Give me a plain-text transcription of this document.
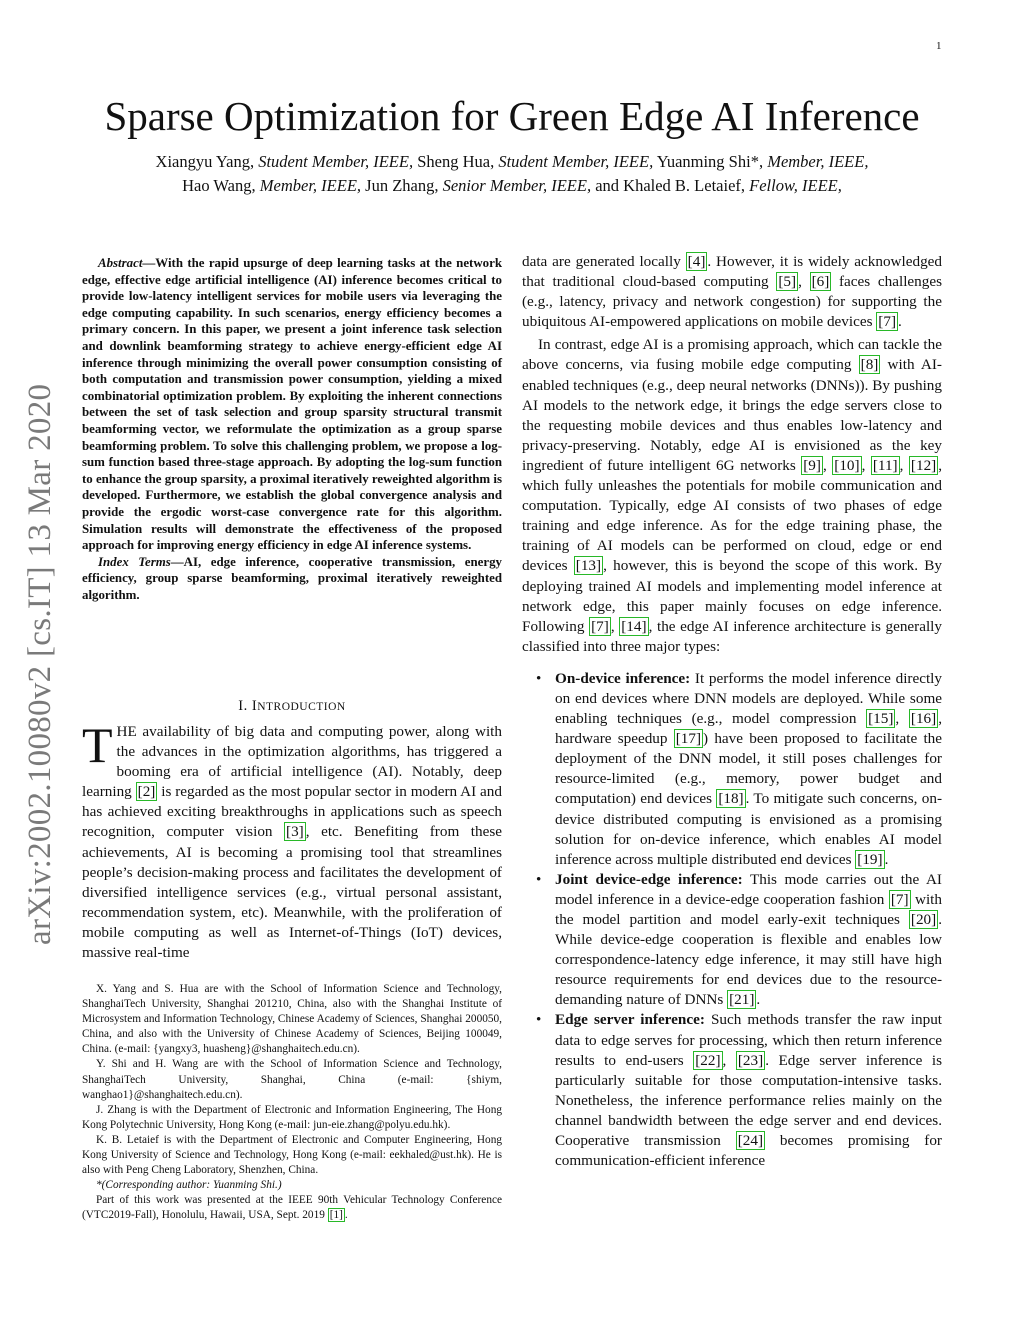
1
Sparse Optimization for Green Edge AI Inference
Xiangyu Yang, Student Member, IEEE, Sheng Hua, Student Member, IEEE, Yuanming Shi*, Member, IEEE,
Hao Wang, Member, IEEE, Jun Zhang, Senior Member, IEEE, and Khaled B. Letaief, Fellow, IEEE,
arXiv:2002.10080v2 [cs.IT] 13 Mar 2020

Abstract—With the rapid upsurge of deep learning tasks at the network edge, effective edge artificial intelligence (AI) inference becomes critical to provide low-latency intelligent services for mobile users via leveraging the edge computing capability. In such scenarios, energy efficiency becomes a primary concern. In this paper, we present a joint inference task selection and downlink beamforming strategy to achieve energy-efficient edge AI inference through minimizing the overall power consumption consisting of both computation and transmission power consumption, yielding a mixed combinatorial optimization problem. By exploiting the inherent connections between the set of task selection and group sparsity structural transmit beamforming vector, we reformulate the optimization as a group sparse beamforming problem. To solve this challenging problem, we propose a log-sum function based three-stage approach. By adopting the log-sum function to enhance the group sparsity, a proximal iteratively reweighted algorithm is developed. Furthermore, we establish the global convergence analysis and provide the ergodic worst-case convergence rate for this algorithm. Simulation results will demonstrate the effectiveness of the proposed approach for improving energy efficiency in edge AI inference systems.

Index Terms—AI, edge inference, cooperative transmission, energy efficiency, group sparse beamforming, proximal iteratively reweighted algorithm.

I. INTRODUCTION

THE availability of big data and computing power, along with the advances in the optimization algorithms, has triggered a booming era of artificial intelligence (AI). Notably, deep learning [2] is regarded as the most popular sector in modern AI and has achieved exciting breakthroughs in applications such as speech recognition, computer vision [3] , etc. Benefiting from these achievements, AI is becoming a promising tool that streamlines people’s decision-making process and facilitates the development of diversified intelligence services (e.g., virtual personal assistant, recommendation system, etc). Meanwhile, with the proliferation of mobile computing as well as Internet-of-Things (IoT) devices, massive real-time

X. Yang and S. Hua are with the School of Information Science and Technology, ShanghaiTech University, Shanghai 201210, China, also with the Shanghai Institute of Microsystem and Information Technology, Chinese Academy of Sciences, Shanghai 200050, China, and also with the University of Chinese Academy of Sciences, Beijing 100049, China. (e-mail: {yangxy3, huasheng}@shanghaitech.edu.cn).

Y. Shi and H. Wang are with the School of Information Science and Technology, ShanghaiTech University, Shanghai, China (e-mail: {shiym, wanghao1}@shanghaitech.edu.cn).

J. Zhang is with the Department of Electronic and Information Engineering, The Hong Kong Polytechnic University, Hong Kong (e-mail: jun-eie.zhang@polyu.edu.hk).

K. B. Letaief is with the Department of Electronic and Computer Engineering, Hong Kong University of Science and Technology, Hong Kong (e-mail: eekhaled@ust.hk). He is also with Peng Cheng Laboratory, Shenzhen, China.

*(Corresponding author: Yuanming Shi.)

Part of this work was presented at the IEEE 90th Vehicular Technology Conference (VTC2019-Fall), Honolulu, Hawaii, USA, Sept. 2019 [1] .

data are generated locally [4] . However, it is widely acknowledged that traditional cloud-based computing [5] , [6] faces challenges (e.g., latency, privacy and network congestion) for supporting the ubiquitous AI-empowered applications on mobile devices [7] .

In contrast, edge AI is a promising approach, which can tackle the above concerns, via fusing mobile edge computing [8] with AI-enabled techniques (e.g., deep neural networks (DNNs)). By pushing AI models to the network edge, it brings the edge servers close to the requesting mobile devices and thus enables low-latency and privacy-preserving. Notably, edge AI is envisioned as the key ingredient of future intelligent 6G networks [9] , [10] , [11] , [12] , which fully unleashes the potentials for mobile communication and computation. Typically, edge AI consists of two phases of edge training and edge inference. As for the edge training phase, the training of AI models can be performed on cloud, edge or end devices [13] , however, this is beyond the scope of this work. By deploying trained AI models and implementing model inference at network edge, this paper mainly focuses on edge inference. Following [7] , [14] , the edge AI inference architecture is generally classified into three major types:

• On-device inference: It performs the model inference directly on end devices where DNN models are deployed. While some enabling techniques (e.g., model compression [15] , [16] , hardware speedup [17] ) have been proposed to facilitate the deployment of the DNN model, it still poses challenges for resource-limited (e.g., memory, power budget and computation) end devices [18] . To mitigate such concerns, on-device distributed computing is envisioned as a promising solution for on-device inference, which enables AI model inference across multiple distributed end devices [19] .
• Joint device-edge inference: This mode carries out the AI model inference in a device-edge cooperation fashion [7] with the model partition and model early-exit techniques [20] . While device-edge cooperation is flexible and enables low correspondence-latency edge inference, it may still have high resource requirements for end devices due to the resource-demanding nature of DNNs [21] .
• Edge server inference: Such methods transfer the raw input data to edge serves for processing, which then return inference results to end-users [22] , [23] . Edge server inference is particularly suitable for those computation-intensive tasks. Nonetheless, the inference performance relies mainly on the channel bandwidth between the edge server and end devices. Cooperative transmission [24] becomes promising for communication-efficient inference
